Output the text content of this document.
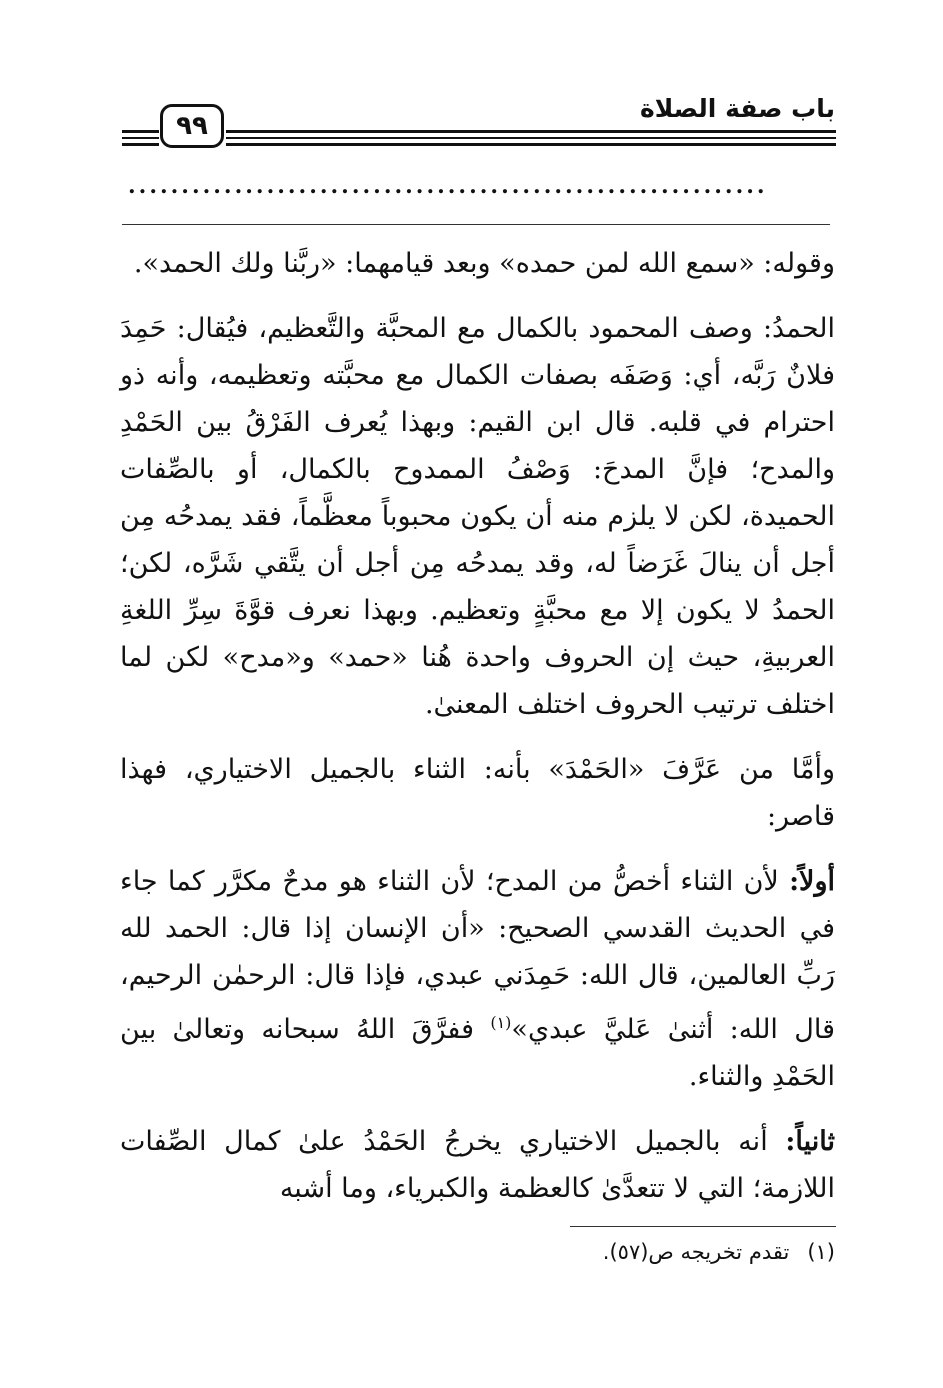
باب صفة الصلاة
٩٩
............................................................

وقوله: «سمع الله لمن حمده» وبعد قيامهما: «ربَّنا ولك الحمد».

الحمدُ: وصف المحمود بالكمال مع المحبَّة والتَّعظيم، فيُقال: حَمِدَ فلانٌ رَبَّه، أي: وَصَفَه بصفات الكمال مع محبَّته وتعظيمه، وأنه ذو احترام في قلبه. قال ابن القيم: وبهذا يُعرف الفَرْقُ بين الحَمْدِ والمدح؛ فإنَّ المدحَ: وَصْفُ الممدوح بالكمال، أو بالصِّفات الحميدة، لكن لا يلزم منه أن يكون محبوباً معظَّماً، فقد يمدحُه مِن أجل أن ينالَ غَرَضاً له، وقد يمدحُه مِن أجل أن يتَّقي شَرَّه، لكن؛ الحمدُ لا يكون إلا مع محبَّةٍ وتعظيم. وبهذا نعرف قوَّةَ سِرِّ اللغةِ العربيةِ، حيث إن الحروف واحدة هُنا «حمد» و«مدح» لكن لما اختلف ترتيب الحروف اختلف المعنىٰ.

وأمَّا من عَرَّفَ «الحَمْدَ» بأنه: الثناء بالجميل الاختياري، فهذا قاصر:

أولاً: لأن الثناء أخصُّ من المدح؛ لأن الثناء هو مدحٌ مكرَّر كما جاء في الحديث القدسي الصحيح: «أن الإنسان إذا قال: الحمد لله رَبِّ العالمين، قال الله: حَمِدَني عبدي، فإذا قال: الرحمٰن الرحيم، قال الله: أثنىٰ عَليَّ عبدي»$^{(١)}$ ففرَّقَ اللهُ سبحانه وتعالىٰ بين الحَمْدِ والثناء.

ثانياً: أنه بالجميل الاختياري يخرجُ الحَمْدُ علىٰ كمال الصِّفات اللازمة؛ التي لا تتعدَّىٰ كالعظمة والكبرياء، وما أشبه

(١)تقدم تخريجه ص(٥٧).
